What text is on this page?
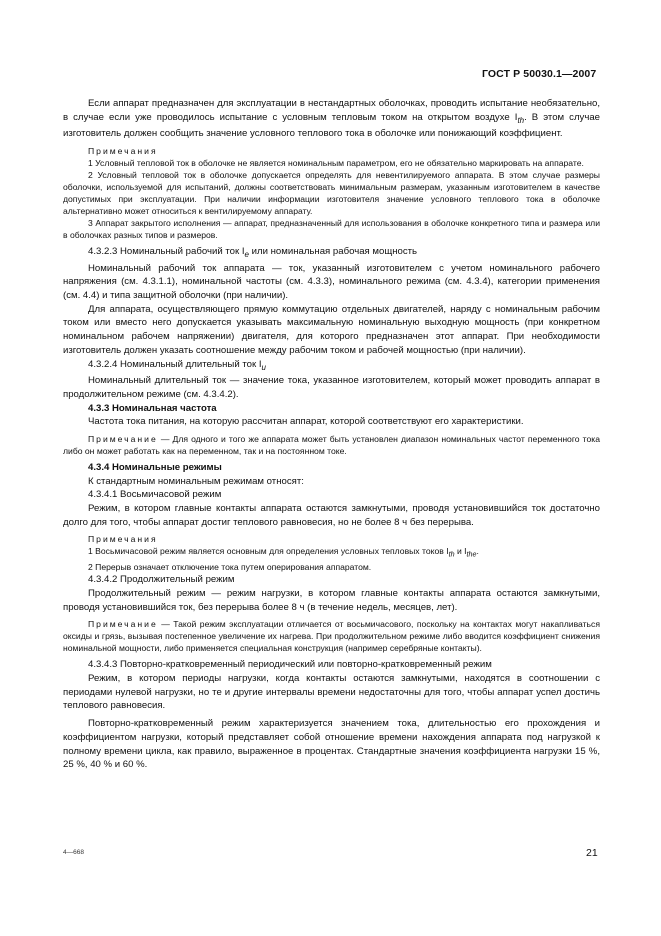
ГОСТ Р 50030.1—2007

Если аппарат предназначен для эксплуатации в нестандартных оболочках, проводить испытание необязательно, в случае если уже проводилось испытание с условным тепловым током на открытом воздухе $I_{th}$. В этом случае изготовитель должен сообщить значение условного теплового тока в оболочке или понижающий коэффициент.

Примечания

1 Условный тепловой ток в оболочке не является номинальным параметром, его не обязательно маркировать на аппарате.

2 Условный тепловой ток в оболочке допускается определять для невентилируемого аппарата. В этом случае размеры оболочки, используемой для испытаний, должны соответствовать минимальным размерам, указанным изготовителем в качестве допустимых при эксплуатации. При наличии информации изготовителя значение условного теплового тока в оболочке альтернативно может относиться к вентилируемому аппарату.

3 Аппарат закрытого исполнения — аппарат, предназначенный для использования в оболочке конкретного типа и размера или в оболочках разных типов и размеров.

4.3.2.3 Номинальный рабочий ток $I_e$ или номинальная рабочая мощность

Номинальный рабочий ток аппарата — ток, указанный изготовителем с учетом номинального рабочего напряжения (см. 4.3.1.1), номинальной частоты (см. 4.3.3), номинального режима (см. 4.3.4), категории применения (см. 4.4) и типа защитной оболочки (при наличии).

Для аппарата, осуществляющего прямую коммутацию отдельных двигателей, наряду с номинальным рабочим током или вместо него допускается указывать максимальную номинальную выходную мощность (при конкретном номинальном рабочем напряжении) двигателя, для которого предназначен этот аппарат. При необходимости изготовитель должен указать соотношение между рабочим током и рабочей мощностью (при наличии).

4.3.2.4 Номинальный длительный ток $I_u$

Номинальный длительный ток — значение тока, указанное изготовителем, который может проводить аппарат в продолжительном режиме (см. 4.3.4.2).

4.3.3 Номинальная частота

Частота тока питания, на которую рассчитан аппарат, которой соответствуют его характеристики.

Примечание — Для одного и того же аппарата может быть установлен диапазон номинальных частот переменного тока либо он может работать как на переменном, так и на постоянном токе.

4.3.4 Номинальные режимы

К стандартным номинальным режимам относят:

4.3.4.1 Восьмичасовой режим

Режим, в котором главные контакты аппарата остаются замкнутыми, проводя установившийся ток достаточно долго для того, чтобы аппарат достиг теплового равновесия, но не более 8 ч без перерыва.

Примечания

1 Восьмичасовой режим является основным для определения условных тепловых токов $I_{th}$ и $I_{the}$.

2 Перерыв означает отключение тока путем оперирования аппаратом.

4.3.4.2 Продолжительный режим

Продолжительный режим — режим нагрузки, в котором главные контакты аппарата остаются замкнутыми, проводя установившийся ток, без перерыва более 8 ч (в течение недель, месяцев, лет).

Примечание — Такой режим эксплуатации отличается от восьмичасового, поскольку на контактах могут накапливаться оксиды и грязь, вызывая постепенное увеличение их нагрева. При продолжительном режиме либо вводится коэффициент снижения номинальной мощности, либо применяется специальная конструкция (например серебряные контакты).

4.3.4.3 Повторно-кратковременный периодический или повторно-кратковременный режим

Режим, в котором периоды нагрузки, когда контакты остаются замкнутыми, находятся в соотношении с периодами нулевой нагрузки, но те и другие интервалы времени недостаточны для того, чтобы аппарат успел достичь теплового равновесия.

Повторно-кратковременный режим характеризуется значением тока, длительностью его прохождения и коэффициентом нагрузки, который представляет собой отношение времени нахождения аппарата под нагрузкой к полному времени цикла, как правило, выраженное в процентах. Стандартные значения коэффициента нагрузки 15 %, 25 %, 40 % и 60 %.

4—668	21
